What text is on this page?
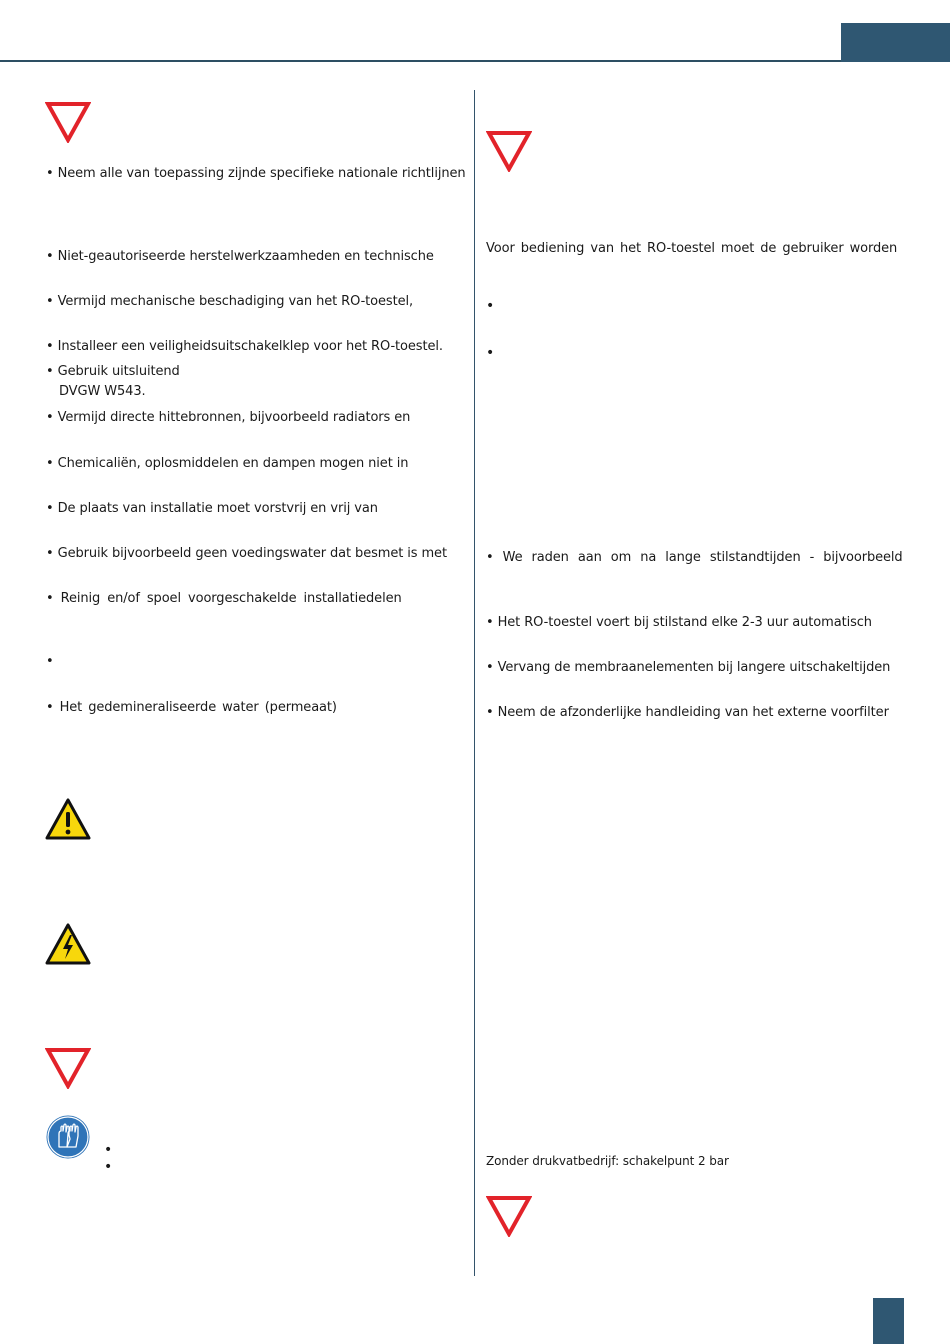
• Neem alle van toepassing zijnde specifieke nationale richtlijnen
• Niet-geautoriseerde herstelwerkzaamheden en technische
• Vermijd mechanische beschadiging van het RO-toestel,
• Installeer een veiligheidsuitschakelklep voor het RO-toestel.
• Gebruik uitsluitend
DVGW W543.
• Vermijd directe hittebronnen, bijvoorbeeld radiators en
• Chemicaliën, oplosmiddelen en dampen mogen niet in
• De plaats van installatie moet vorstvrij en vrij van
• Gebruik bijvoorbeeld geen voedingswater dat besmet is met
• Reinig en/of spoel voorgeschakelde installatiedelen
•
• Het gedemineraliseerde water (permeaat)
•
•
Voor bediening van het RO-toestel moet de gebruiker worden
•
•
• We raden aan om na lange stilstandtijden - bijvoorbeeld
• Het RO-toestel voert bij stilstand elke 2-3 uur automatisch
• Vervang de membraanelementen bij langere uitschakeltijden
• Neem de afzonderlijke handleiding van het externe voorfilter
Zonder drukvatbedrijf: schakelpunt 2 bar
